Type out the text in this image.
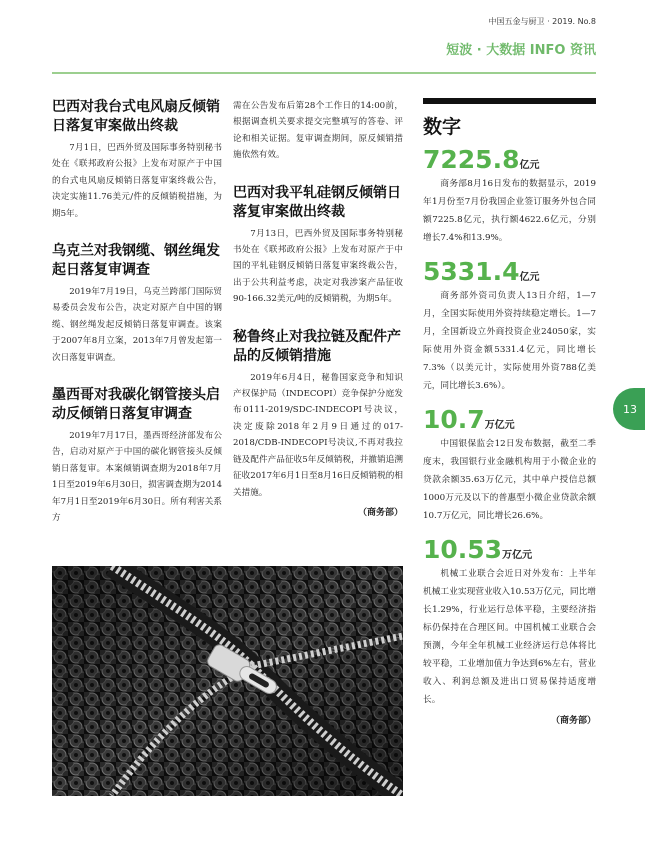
中国五金与厨卫 · 2019. No.8
短波 · 大数据 INFO 资讯
巴西对我台式电风扇反倾销日落复审案做出终裁

7月1日，巴西外贸及国际事务特别秘书处在《联邦政府公报》上发布对原产于中国的台式电风扇反倾销日落复审案终裁公告，决定实施11.76美元/件的反倾销税措施，为期5年。

乌克兰对我钢缆、钢丝绳发起日落复审调查

2019年7月19日，乌克兰跨部门国际贸易委员会发布公告，决定对原产自中国的钢缆、钢丝绳发起反倾销日落复审调查。该案于2007年8月立案，2013年7月曾发起第一次日落复审调查。

墨西哥对我碳化钢管接头启动反倾销日落复审调查

2019年7月17日，墨西哥经济部发布公告，启动对原产于中国的碳化钢管接头反倾销日落复审。本案倾销调查期为2018年7月1日至2019年6月30日，损害调查期为2014年7月1日至2019年6月30日。所有利害关系方

需在公告发布后第28个工作日的14:00前，根据调查机关要求提交完整填写的答卷、评论和相关证据。复审调查期间，原反倾销措施依然有效。

巴西对我平轧硅钢反倾销日落复审案做出终裁

7月13日，巴西外贸及国际事务特别秘书处在《联邦政府公报》上发布对原产于中国的平轧硅钢反倾销日落复审案终裁公告，出于公共利益考虑，决定对我涉案产品征收90-166.32美元/吨的反倾销税，为期5年。

秘鲁终止对我拉链及配件产品的反倾销措施

2019年6月4日，秘鲁国家竞争和知识产权保护局（INDECOPI）竞争保护分庭发布0111-2019/SDC-INDECOPI号决议，决定废除2018年2月9日通过的017-2018/CDB-INDECOPI号决议,不再对我拉链及配件产品征收5年反倾销税，并撤销追溯征收2017年6月1日至8月16日反倾销税的相关措施。

（商务部）
数字
7225.8亿元

商务部8月16日发布的数据显示，2019年1月份至7月份我国企业签订服务外包合同额7225.8亿元，执行额4622.6亿元，分别增长7.4%和13.9%。

5331.4亿元

商务部外资司负责人13日介绍，1—7月，全国实际使用外资持续稳定增长。1—7月，全国新设立外商投资企业24050家，实际使用外资金额5331.4亿元，同比增长7.3%（以美元计，实际使用外资788亿美元，同比增长3.6%）。

10.7万亿元

中国银保监会12日发布数据，截至二季度末，我国银行业金融机构用于小微企业的贷款余额35.63万亿元，其中单户授信总额1000万元及以下的普惠型小微企业贷款余额10.7万亿元，同比增长26.6%。

10.53万亿元

机械工业联合会近日对外发布：上半年机械工业实现营业收入10.53万亿元，同比增长1.29%，行业运行总体平稳，主要经济指标仍保持在合理区间。中国机械工业联合会预测，今年全年机械工业经济运行总体将比较平稳，工业增加值力争达到6%左右，营业收入、利润总额及进出口贸易保持适度增长。

（商务部）
13
